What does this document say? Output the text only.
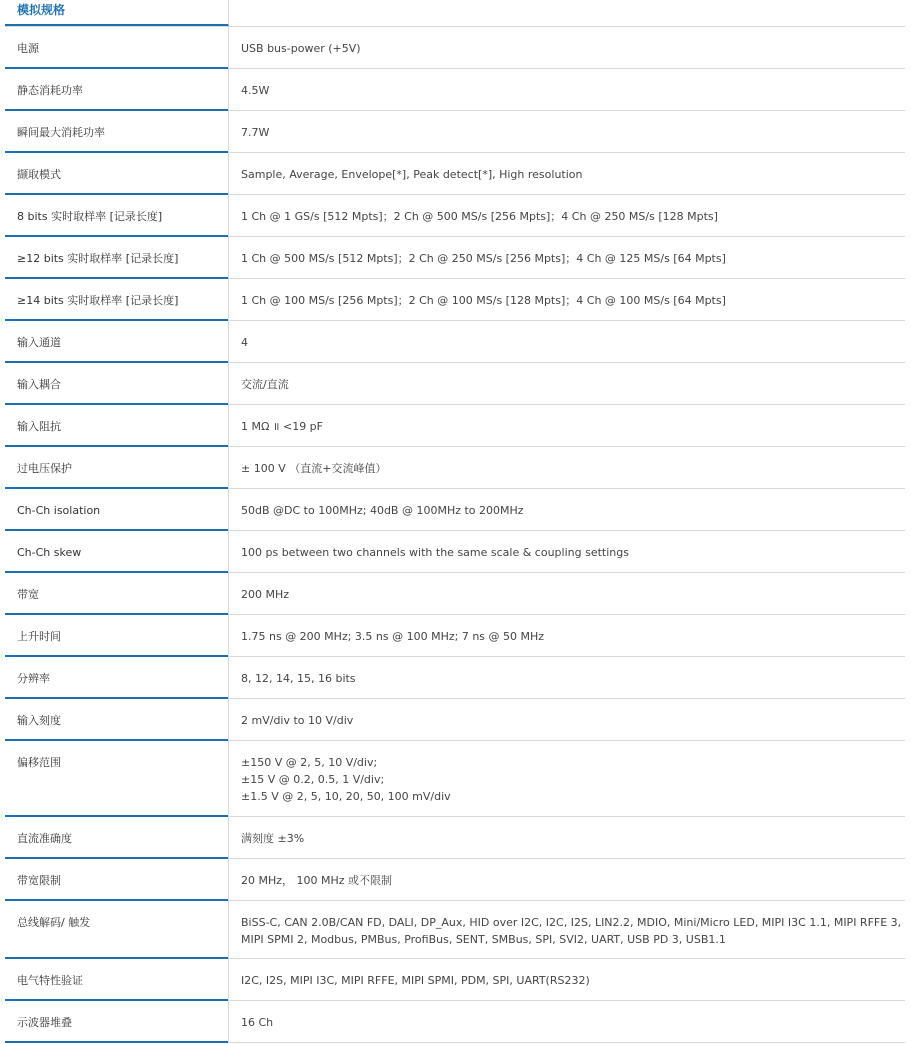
模拟规格
电源	USB bus-power (+5V)
静态消耗功率	4.5W
瞬间最大消耗功率	7.7W
撷取模式	Sample, Average, Envelope[*], Peak detect[*], High resolution
8 bits 实时取样率 [记录长度]	1 Ch @ 1 GS/s [512 Mpts]；2 Ch @ 500 MS/s [256 Mpts]；4 Ch @ 250 MS/s [128 Mpts]
≥12 bits 实时取样率 [记录长度]	1 Ch @ 500 MS/s [512 Mpts]；2 Ch @ 250 MS/s [256 Mpts]；4 Ch @ 125 MS/s [64 Mpts]
≥14 bits 实时取样率 [记录长度]	1 Ch @ 100 MS/s [256 Mpts]；2 Ch @ 100 MS/s [128 Mpts]；4 Ch @ 100 MS/s [64 Mpts]
输入通道	4
输入耦合	交流/直流
输入阻抗	1 MΩ ॥ <19 pF
过电压保护	± 100 V （直流+交流峰值）
Ch-Ch isolation	50dB @DC to 100MHz; 40dB @ 100MHz to 200MHz
Ch-Ch skew	100 ps between two channels with the same scale & coupling settings
带宽	200 MHz
上升时间	1.75 ns @ 200 MHz; 3.5 ns @ 100 MHz; 7 ns @ 50 MHz
分辨率	8, 12, 14, 15, 16 bits
输入刻度	2 mV/div to 10 V/div
偏移范围	±150 V @ 2, 5, 10 V/div;
±15 V @ 0.2, 0.5, 1 V/div;
±1.5 V @ 2, 5, 10, 20, 50, 100 mV/div
直流准确度	满刻度 ±3%
带宽限制	20 MHz， 100 MHz 或不限制
总线解码/ 触发	BiSS-C, CAN 2.0B/CAN FD, DALI, DP_Aux, HID over I2C, I2C, I2S, LIN2.2, MDIO, Mini/Micro LED, MIPI I3C 1.1, MIPI RFFE 3,
MIPI SPMI 2, Modbus, PMBus, ProfiBus, SENT, SMBus, SPI, SVI2, UART, USB PD 3, USB1.1
电气特性验证	I2C, I2S, MIPI I3C, MIPI RFFE, MIPI SPMI, PDM, SPI, UART(RS232)
示波器堆叠	16 Ch
